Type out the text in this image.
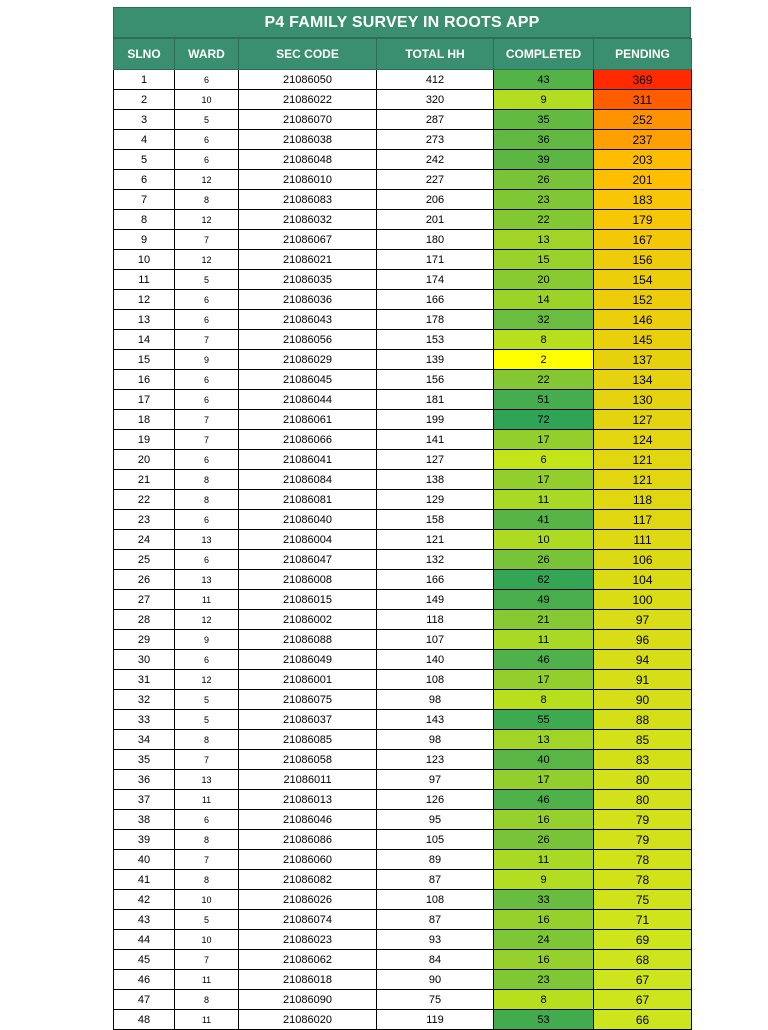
P4 FAMILY SURVEY IN ROOTS APP
SLNO	WARD	SEC CODE	TOTAL HH	COMPLETED	PENDING
1	6	21086050	412	43	369
2	10	21086022	320	9	311
3	5	21086070	287	35	252
4	6	21086038	273	36	237
5	6	21086048	242	39	203
6	12	21086010	227	26	201
7	8	21086083	206	23	183
8	12	21086032	201	22	179
9	7	21086067	180	13	167
10	12	21086021	171	15	156
11	5	21086035	174	20	154
12	6	21086036	166	14	152
13	6	21086043	178	32	146
14	7	21086056	153	8	145
15	9	21086029	139	2	137
16	6	21086045	156	22	134
17	6	21086044	181	51	130
18	7	21086061	199	72	127
19	7	21086066	141	17	124
20	6	21086041	127	6	121
21	8	21086084	138	17	121
22	8	21086081	129	11	118
23	6	21086040	158	41	117
24	13	21086004	121	10	111
25	6	21086047	132	26	106
26	13	21086008	166	62	104
27	11	21086015	149	49	100
28	12	21086002	118	21	97
29	9	21086088	107	11	96
30	6	21086049	140	46	94
31	12	21086001	108	17	91
32	5	21086075	98	8	90
33	5	21086037	143	55	88
34	8	21086085	98	13	85
35	7	21086058	123	40	83
36	13	21086011	97	17	80
37	11	21086013	126	46	80
38	6	21086046	95	16	79
39	8	21086086	105	26	79
40	7	21086060	89	11	78
41	8	21086082	87	9	78
42	10	21086026	108	33	75
43	5	21086074	87	16	71
44	10	21086023	93	24	69
45	7	21086062	84	16	68
46	11	21086018	90	23	67
47	8	21086090	75	8	67
48	11	21086020	119	53	66
